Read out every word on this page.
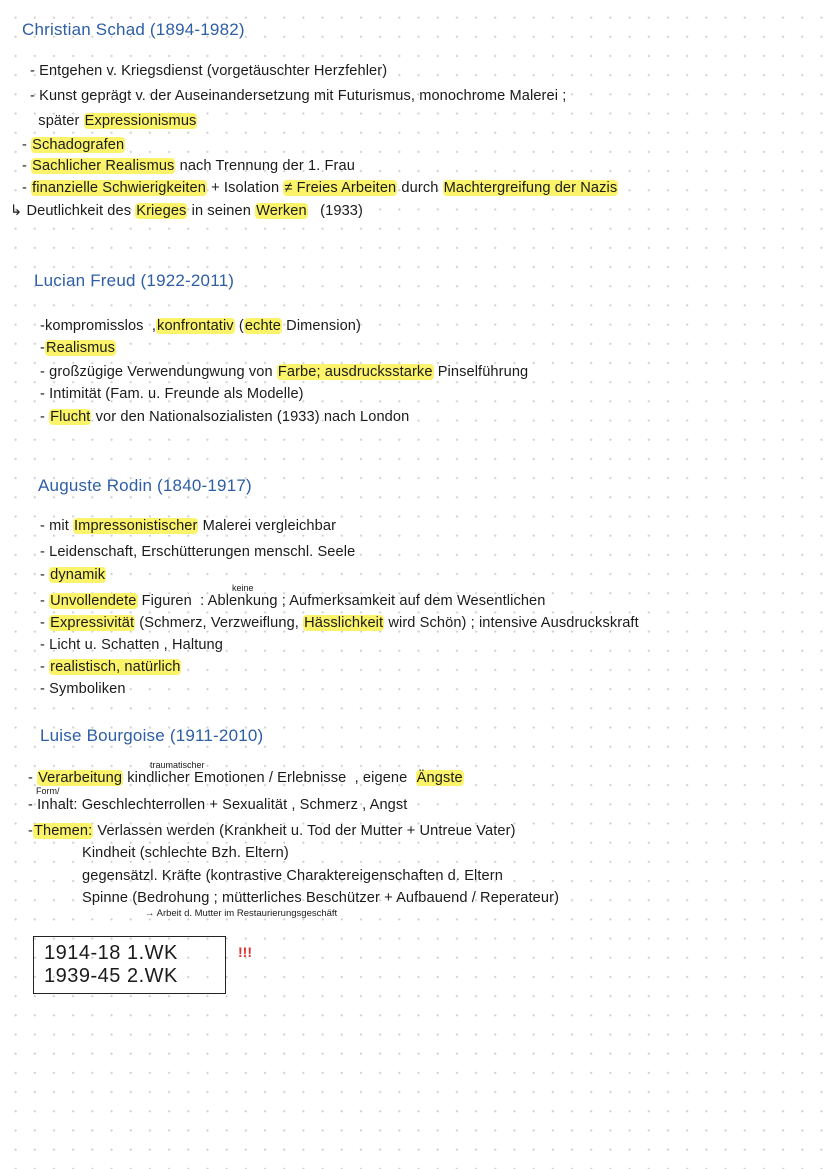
Christian Schad (1894-1982)
- Entgehen v. Kriegsdienst (vorgetäuschter Herzfehler)
- Kunst geprägt v. der Auseinandersetzung mit Futurismus, monochrome Malerei ;
später Expressionismus
- Schadografen
- Sachlicher Realismus nach Trennung der 1. Frau
- finanzielle Schwierigkeiten + Isolation ≠ Freies Arbeiten durch Machtergreifung der Nazis
↳ Deutlichkeit des Krieges in seinen Werken   (1933)
Lucian Freud (1922-2011)
-kompromisslos  ,konfrontativ (echte Dimension)
-Realismus
- großzügige Verwendungwung von Farbe; ausdrucksstarke Pinselführung
- Intimität (Fam. u. Freunde als Modelle)
- Flucht vor den Nationalsozialisten (1933) nach London
Auguste Rodin (1840-1917)
- mit Impressonistischer Malerei vergleichbar
- Leidenschaft, Erschütterungen menschl. Seele
- dynamik
- Unvollendete Figuren  : Ablenkung ; Aufmerksamkeit auf dem Wesentlichen
- Expressivität (Schmerz, Verzweiflung, Hässlichkeit wird Schön) ; intensive Ausdruckskraft
- Licht u. Schatten , Haltung
- realistisch, natürlich
- Symboliken
keine
Luise Bourgoise (1911-2010)
- Verarbeitung kindlicher Emotionen / Erlebnisse  , eigene  Ängste
- Inhalt: Geschlechterrollen + Sexualität , Schmerz , Angst
-Themen: Verlassen werden (Krankheit u. Tod der Mutter + Untreue Vater)
Kindheit (schlechte Bzh. Eltern)
gegensätzl. Kräfte (kontrastive Charaktereigenschaften d. Eltern
Spinne (Bedrohung ; mütterliches Beschützer + Aufbauend / Reperateur)
traumatischer
Form/
→ Arbeit d. Mutter im Restaurierungsgeschäft
1914-18 1.WK
1939-45 2.WK
!!!
